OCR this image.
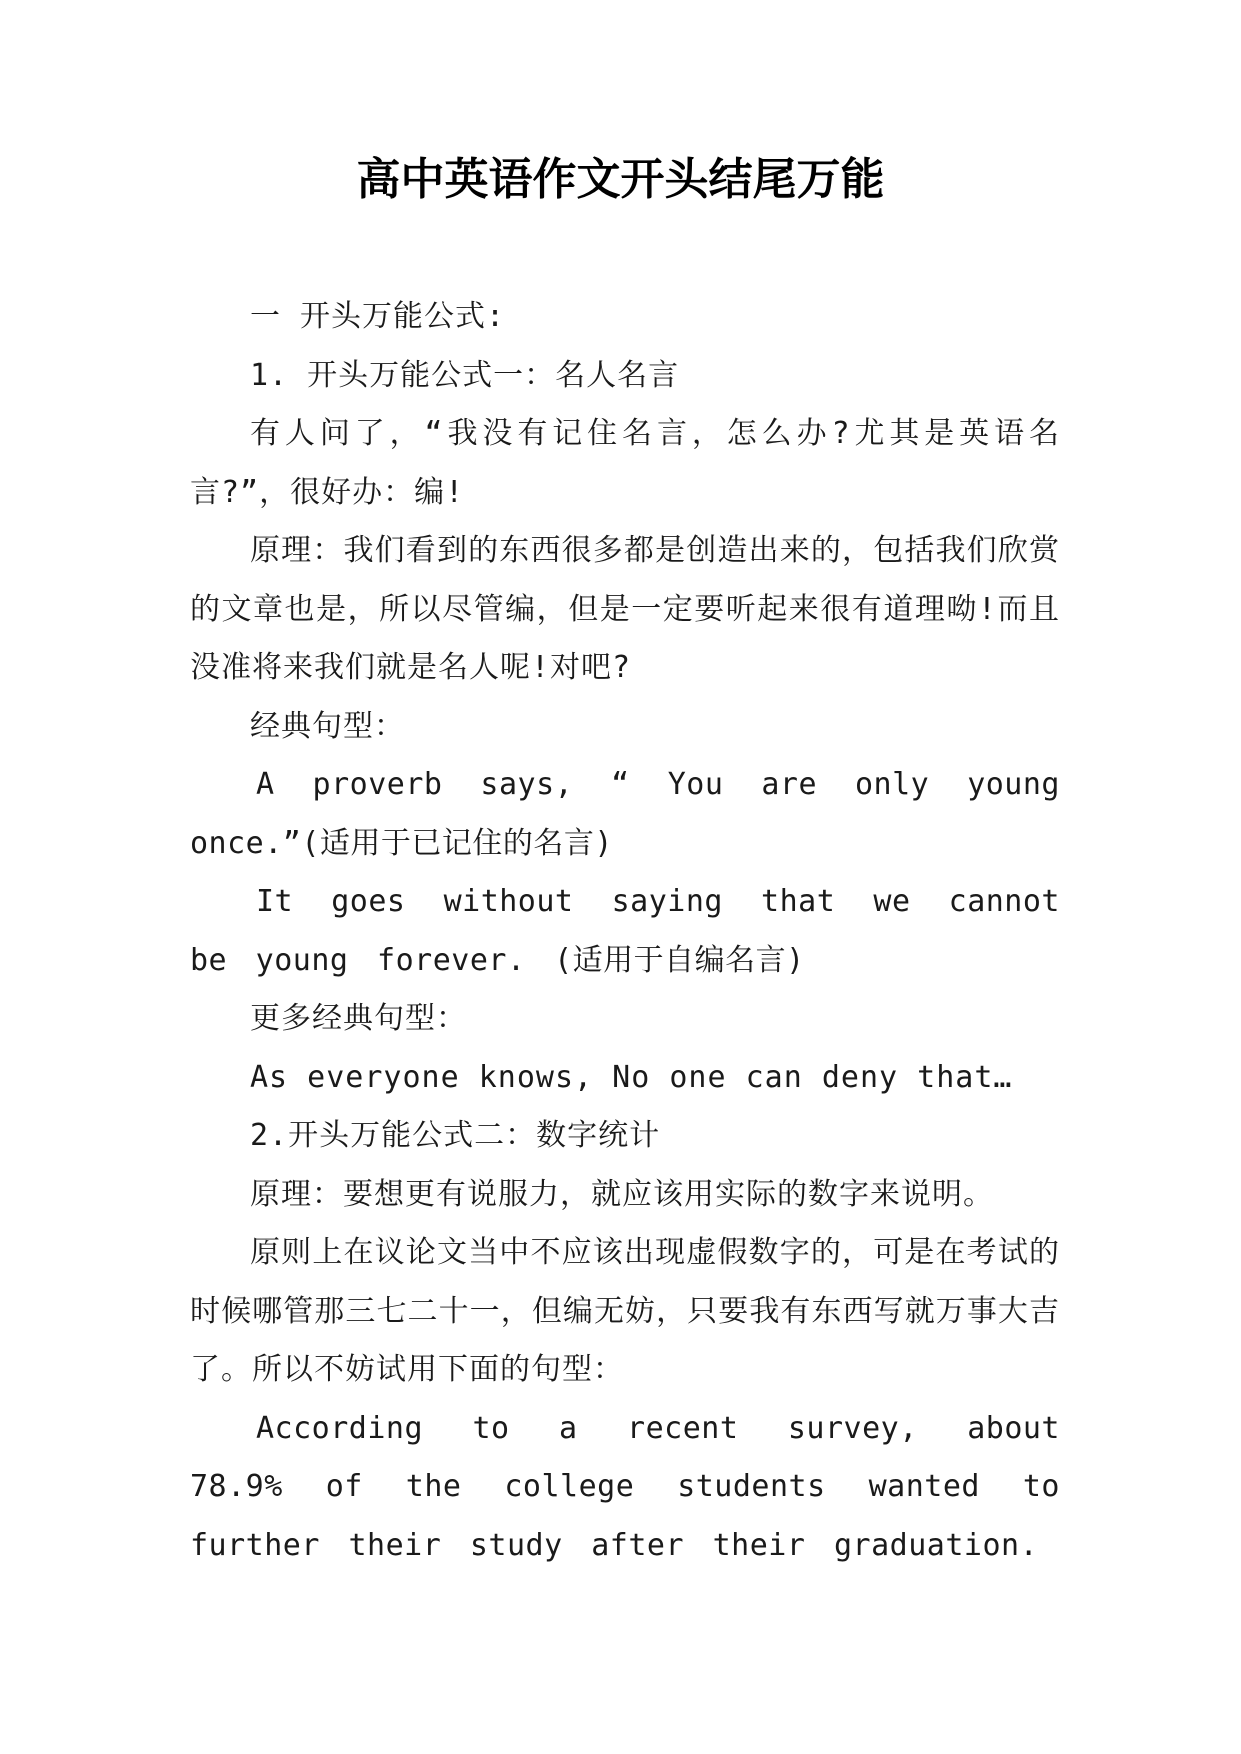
高中英语作文开头结尾万能

一 开头万能公式:

1. 开头万能公式一：名人名言

有人问了，“我没有记住名言，怎么办?尤其是英语名言?”，很好办：编!

原理：我们看到的东西很多都是创造出来的，包括我们欣赏的文章也是，所以尽管编，但是一定要听起来很有道理呦!而且没准将来我们就是名人呢!对吧?

经典句型：

A proverb says, “ You are only young once.”(适用于已记住的名言)

It goes without saying that we cannot be young forever. (适用于自编名言)

更多经典句型：

As everyone knows, No one can deny that…

2.开头万能公式二：数字统计

原理：要想更有说服力，就应该用实际的数字来说明。

原则上在议论文当中不应该出现虚假数字的，可是在考试的时候哪管那三七二十一，但编无妨，只要我有东西写就万事大吉了。所以不妨试用下面的句型：

According to a recent survey, about 78.9% of the college students wanted to further their study after their graduation.
